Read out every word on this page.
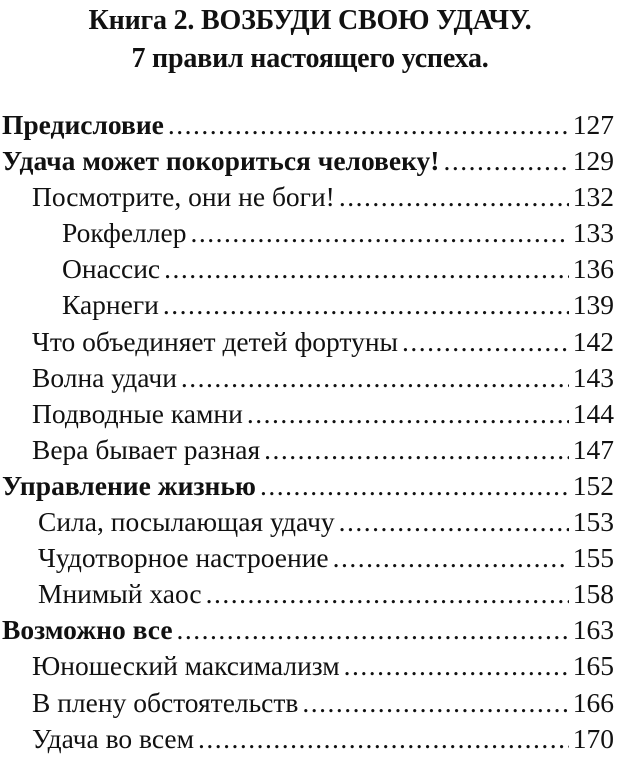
Книга 2. ВОЗБУДИ СВОЮ УДАЧУ.
7 правил настоящего успеха.
Предисловие .....	127
Удача может покориться человеку! .....	129
Посмотрите, они не боги! .....	132
Рокфеллер .....	133
Онассис .....	136
Карнеги .....	139
Что объединяет детей фортуны .....	142
Волна удачи .....	143
Подводные камни .....	144
Вера бывает разная .....	147
Управление жизнью .....	152
Сила, посылающая удачу .....	153
Чудотворное настроение .....	155
Мнимый хаос .....	158
Возможно все .....	163
Юношеский максимализм .....	165
В плену обстоятельств .....	166
Удача во всем .....	170
